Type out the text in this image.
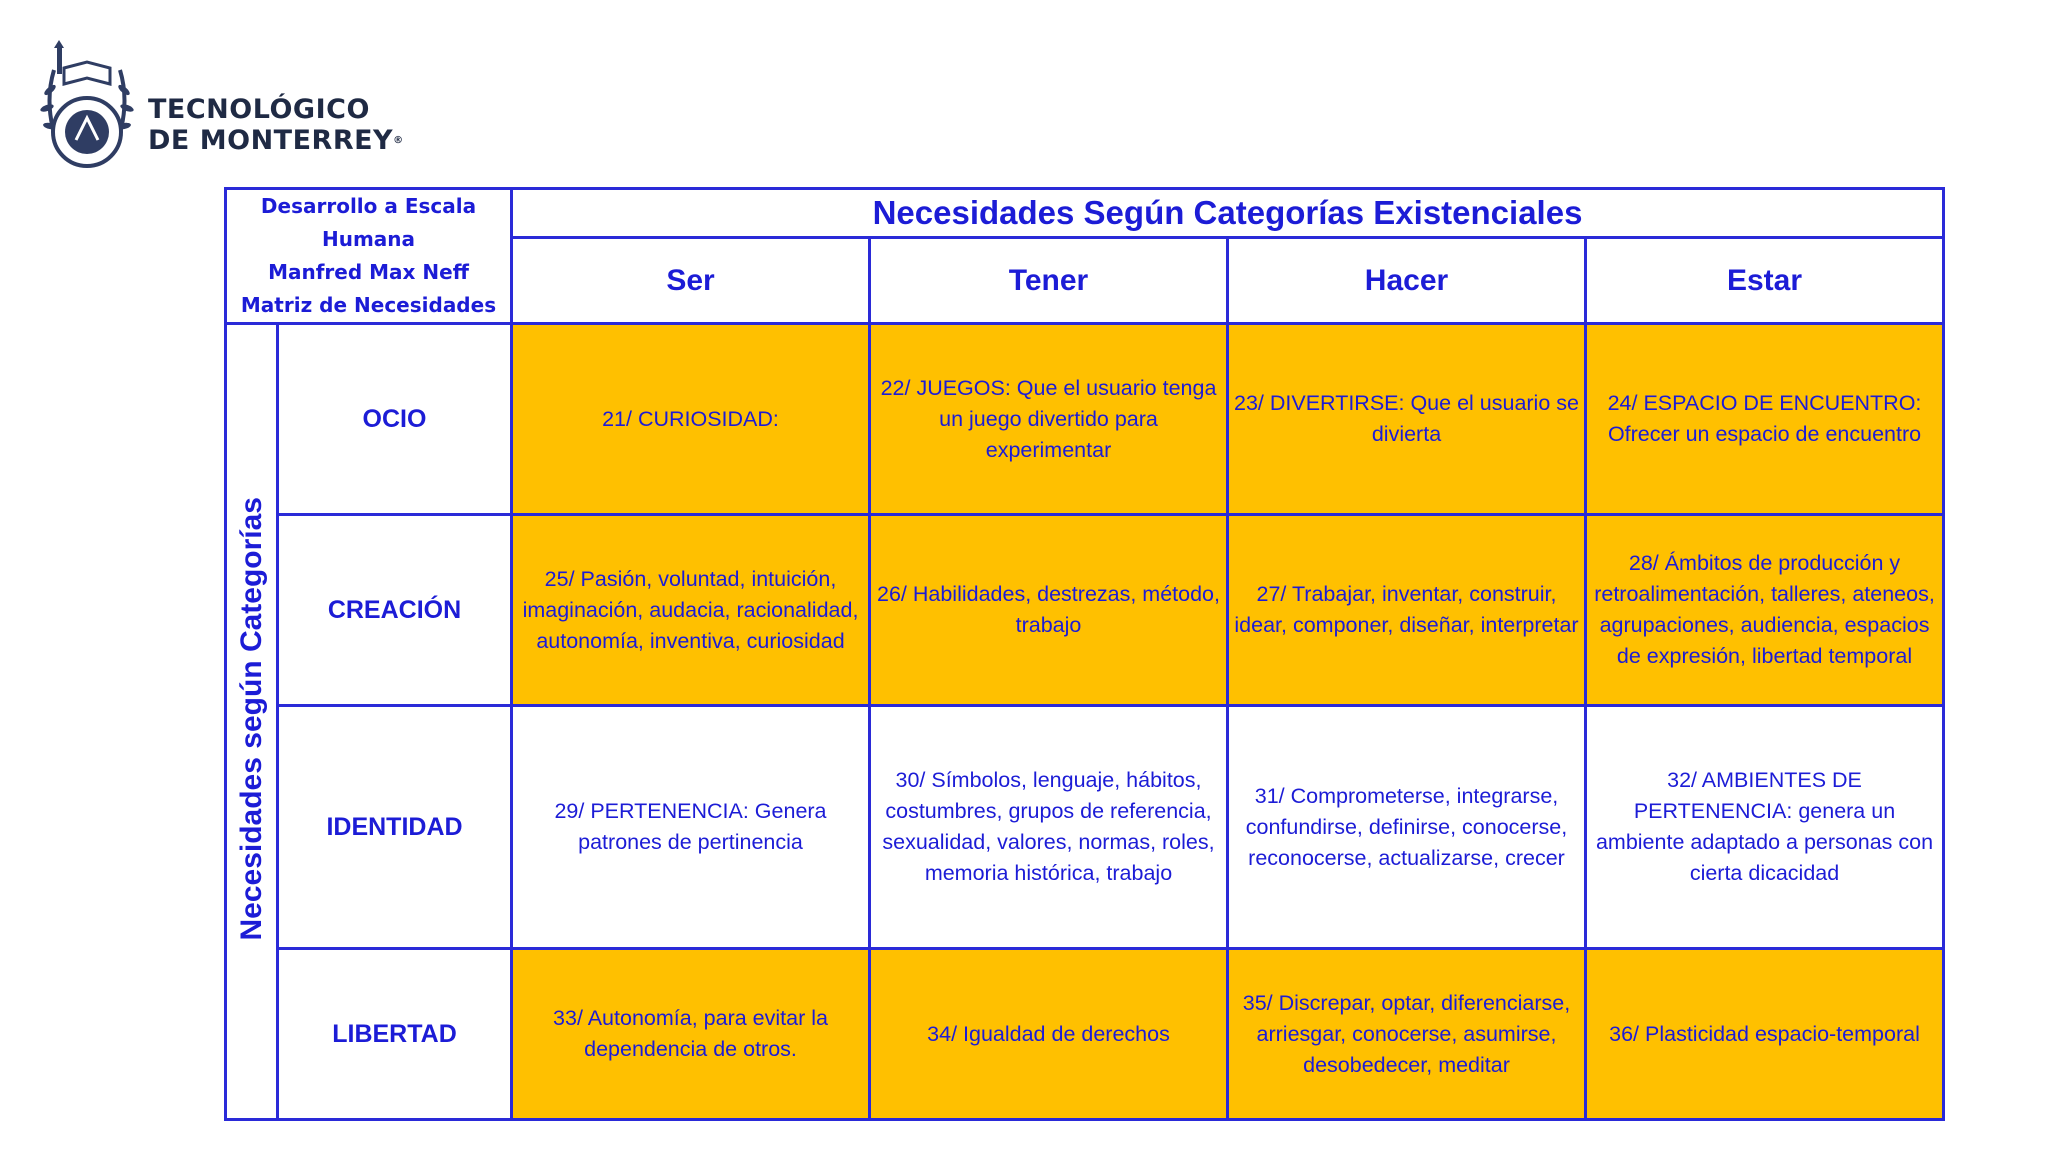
TECNOLÓGICO
DE MONTERREY®
Desarrollo a Escala
Humana
Manfred Max Neff
Matriz de Necesidades		Necesidades Según Categorías Existenciales			
		Ser	Tener	Hacer	Estar
Necesidades según Categorías	OCIO	21/ CURIOSIDAD:	22/ JUEGOS: Que el usuario tenga un juego divertido para experimentar	23/ DIVERTIRSE: Que el usuario se divierta	24/ ESPACIO DE ENCUENTRO: Ofrecer un espacio de encuentro
	CREACIÓN	25/ Pasión, voluntad, intuición, imaginación, audacia, racionalidad, autonomía, inventiva, curiosidad	26/ Habilidades, destrezas, método, trabajo	27/ Trabajar, inventar, construir, idear, componer, diseñar, interpretar	28/ Ámbitos de producción y retroalimentación, talleres, ateneos, agrupaciones, audiencia, espacios de expresión, libertad temporal
	IDENTIDAD	29/ PERTENENCIA: Genera patrones de pertinencia	30/ Símbolos, lenguaje, hábitos, costumbres, grupos de referencia, sexualidad, valores, normas, roles, memoria histórica, trabajo	31/ Comprometerse, integrarse, confundirse, definirse, conocerse, reconocerse, actualizarse, crecer	32/ AMBIENTES DE PERTENENCIA: genera un ambiente adaptado a personas con cierta dicacidad
	LIBERTAD	33/ Autonomía, para evitar la dependencia de otros.	34/ Igualdad de derechos	35/ Discrepar, optar, diferenciarse, arriesgar, conocerse, asumirse, desobedecer, meditar	36/ Plasticidad espacio-temporal
